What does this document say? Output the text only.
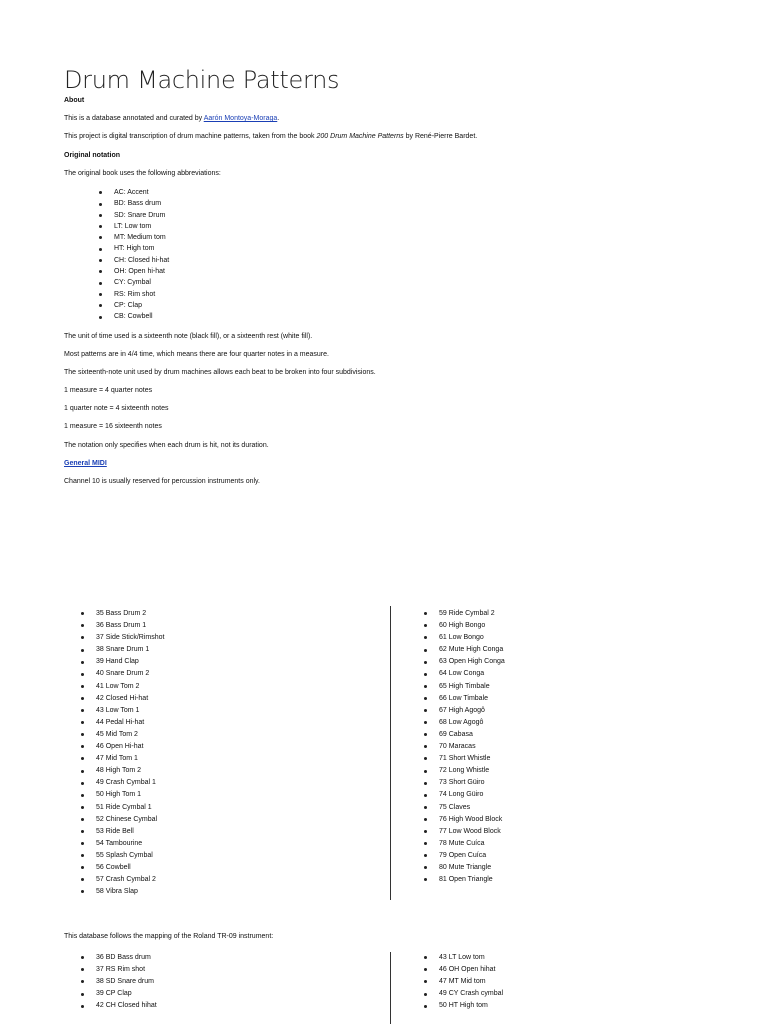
Drum Machine Patterns

About

This is a database annotated and curated by Aarón Montoya-Moraga.

This project is digital transcription of drum machine patterns, taken from the book 200 Drum Machine Patterns by René-Pierre Bardet.

Original notation

The original book uses the following abbreviations:

AC: Accent
BD: Bass drum
SD: Snare Drum
LT: Low tom
MT: Medium tom
HT: High tom
CH: Closed hi-hat
OH: Open hi-hat
CY: Cymbal
RS: Rim shot
CP: Clap
CB: Cowbell

The unit of time used is a sixteenth note (black fill), or a sixteenth rest (white fill).

Most patterns are in 4/4 time, which means there are four quarter notes in a measure.

The sixteenth-note unit used by drum machines allows each beat to be broken into four subdivisions.

1 measure = 4 quarter notes

1 quarter note = 4 sixteenth notes

1 measure = 16 sixteenth notes

The notation only specifies when each drum is hit, not its duration.

General MIDI

Channel 10 is usually reserved for percussion instruments only.

35 Bass Drum 2
36 Bass Drum 1
37 Side Stick/Rimshot
38 Snare Drum 1
39 Hand Clap
40 Snare Drum 2
41 Low Tom 2
42 Closed Hi-hat
43 Low Tom 1
44 Pedal Hi-hat
45 Mid Tom 2
46 Open Hi-hat
47 Mid Tom 1
48 High Tom 2
49 Crash Cymbal 1
50 High Tom 1
51 Ride Cymbal 1
52 Chinese Cymbal
53 Ride Bell
54 Tambourine
55 Splash Cymbal
56 Cowbell
57 Crash Cymbal 2
58 Vibra Slap
59 Ride Cymbal 2
60 High Bongo
61 Low Bongo
62 Mute High Conga
63 Open High Conga
64 Low Conga
65 High Timbale
66 Low Timbale
67 High Agogô
68 Low Agogô
69 Cabasa
70 Maracas
71 Short Whistle
72 Long Whistle
73 Short Güiro
74 Long Güiro
75 Claves
76 High Wood Block
77 Low Wood Block
78 Mute Cuíca
79 Open Cuíca
80 Mute Triangle
81 Open Triangle

This database follows the mapping of the Roland TR-09 instrument:

36 BD Bass drum
37 RS Rim shot
38 SD Snare drum
39 CP Clap
42 CH Closed hihat
43 LT Low tom
46 OH Open hihat
47 MT Mid tom
49 CY Crash cymbal
50 HT High tom
